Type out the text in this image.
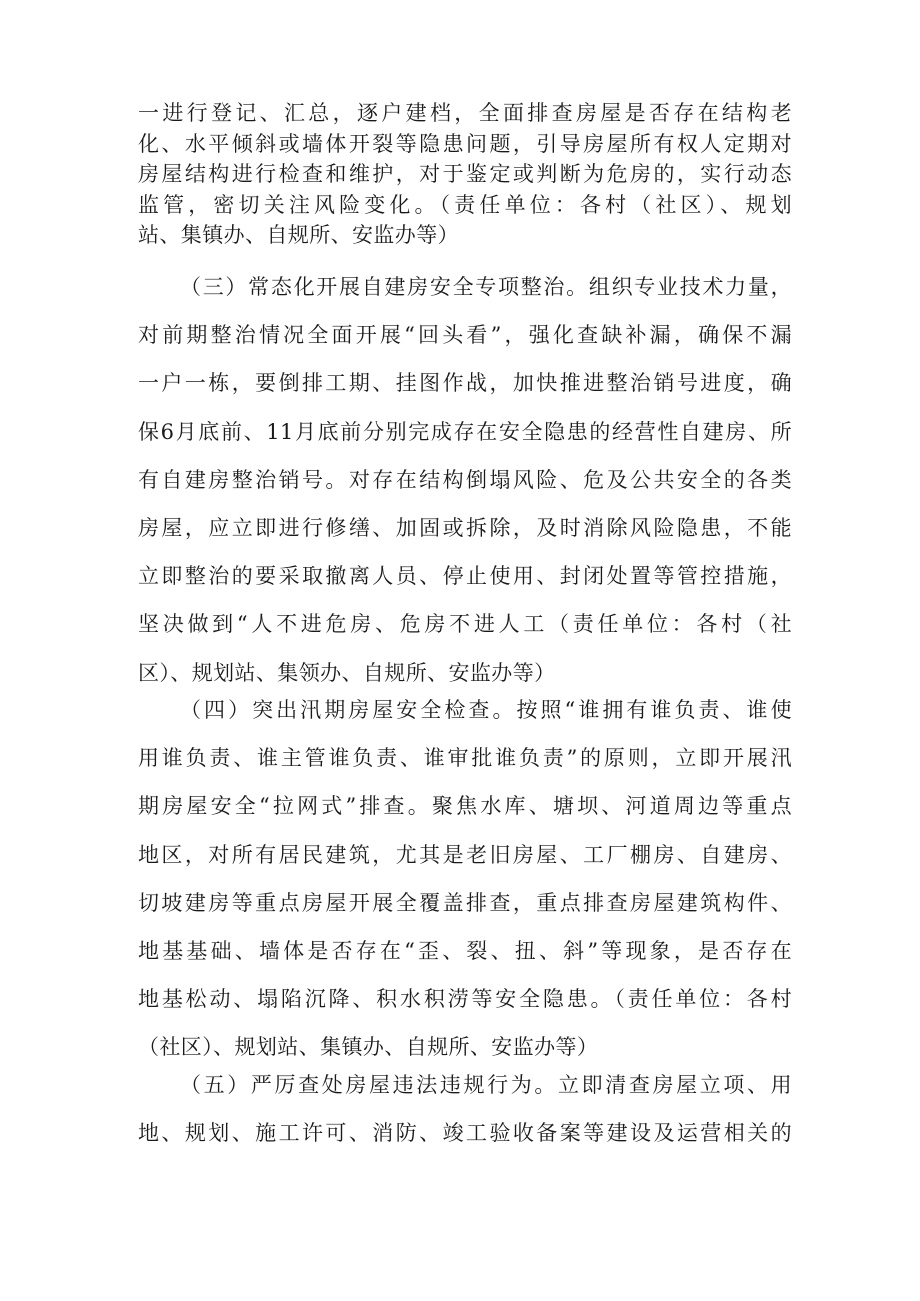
一进行登记、汇总，逐户建档，全面排查房屋是否存在结构老
化、水平倾斜或墙体开裂等隐患问题，引导房屋所有权人定期对
房屋结构进行检查和维护，对于鉴定或判断为危房的，实行动态
监管，密切关注风险变化。（责任单位：各村（社区）、规划
站、集镇办、自规所、安监办等）

（三）常态化开展自建房安全专项整治。组织专业技术力量，
对前期整治情况全面开展“回头看”，强化查缺补漏，确保不漏
一户一栋，要倒排工期、挂图作战，加快推进整治销号进度，确
保6月底前、11月底前分别完成存在安全隐患的经营性自建房、所
有自建房整治销号。对存在结构倒塌风险、危及公共安全的各类
房屋，应立即进行修缮、加固或拆除，及时消除风险隐患，不能
立即整治的要采取撤离人员、停止使用、封闭处置等管控措施，
坚决做到“人不进危房、危房不进人工（责任单位：各村（社
区）、规划站、集领办、自规所、安监办等）

（四）突出汛期房屋安全检查。按照“谁拥有谁负责、谁使
用谁负责、谁主管谁负责、谁审批谁负责”的原则，立即开展汛
期房屋安全“拉网式”排查。聚焦水库、塘坝、河道周边等重点
地区，对所有居民建筑，尤其是老旧房屋、工厂棚房、自建房、
切坡建房等重点房屋开展全覆盖排查，重点排查房屋建筑构件、
地基基础、墙体是否存在“歪、裂、扭、斜”等现象，是否存在
地基松动、塌陷沉降、积水积涝等安全隐患。（责任单位：各村
（社区）、规划站、集镇办、自规所、安监办等）

（五）严厉查处房屋违法违规行为。立即清查房屋立项、用
地、规划、施工许可、消防、竣工验收备案等建设及运营相关的
